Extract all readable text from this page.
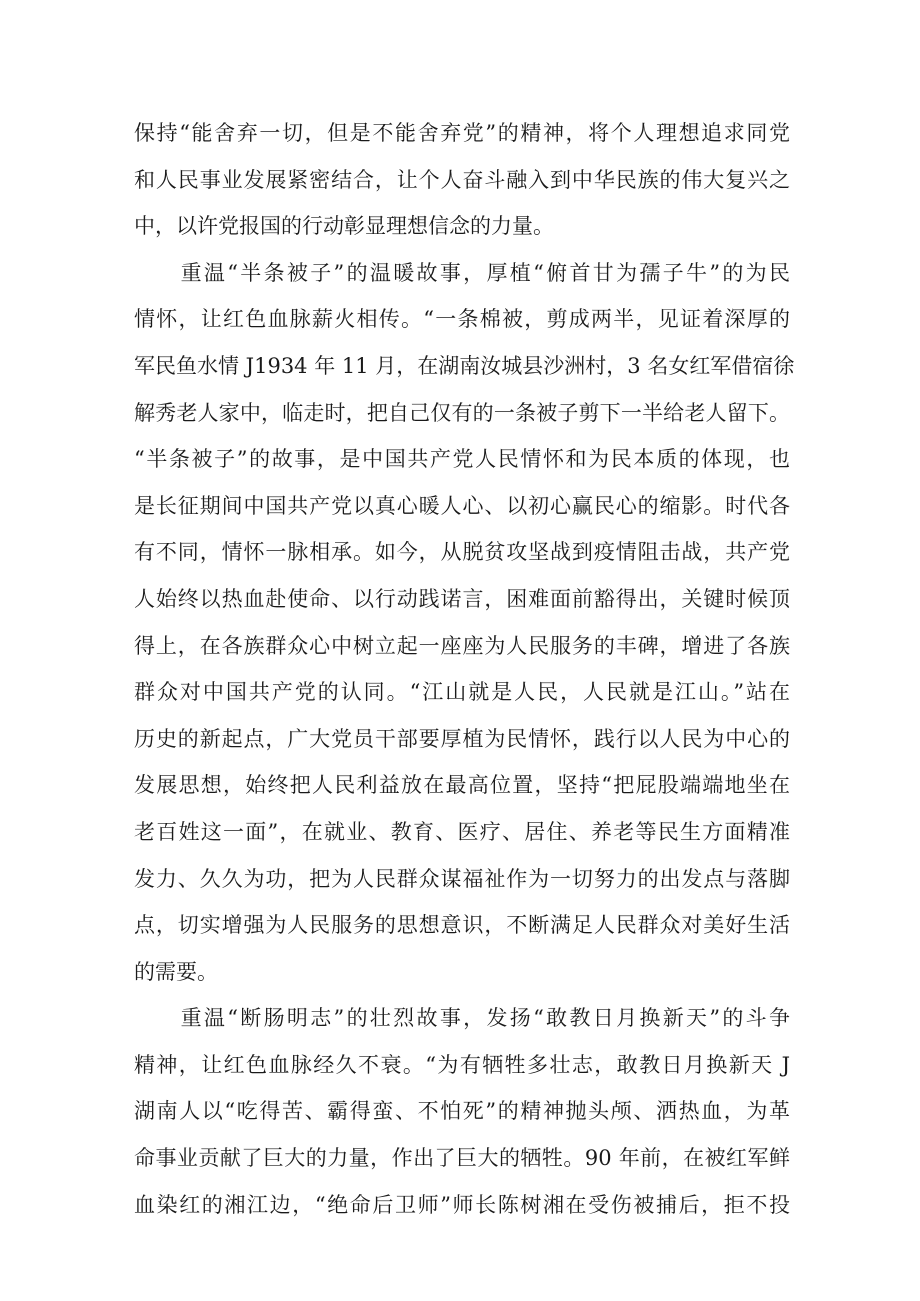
保持“能舍弃一切，但是不能舍弃党”的精神，将个人理想追求同党
和人民事业发展紧密结合，让个人奋斗融入到中华民族的伟大复兴之
中，以许党报国的行动彰显理想信念的力量。
　　重温“半条被子”的温暖故事，厚植“俯首甘为孺子牛”的为民
情怀，让红色血脉薪火相传。“一条棉被，剪成两半，见证着深厚的
军民鱼水情 J1934 年 11 月，在湖南汝城县沙洲村，3 名女红军借宿徐
解秀老人家中，临走时，把自己仅有的一条被子剪下一半给老人留下。
“半条被子”的故事，是中国共产党人民情怀和为民本质的体现，也
是长征期间中国共产党以真心暖人心、以初心赢民心的缩影。时代各
有不同，情怀一脉相承。如今，从脱贫攻坚战到疫情阻击战，共产党
人始终以热血赴使命、以行动践诺言，困难面前豁得出，关键时候顶
得上，在各族群众心中树立起一座座为人民服务的丰碑，增进了各族
群众对中国共产党的认同。“江山就是人民，人民就是江山。”站在
历史的新起点，广大党员干部要厚植为民情怀，践行以人民为中心的
发展思想，始终把人民利益放在最高位置，坚持“把屁股端端地坐在
老百姓这一面”，在就业、教育、医疗、居住、养老等民生方面精准
发力、久久为功，把为人民群众谋福祉作为一切努力的出发点与落脚
点，切实增强为人民服务的思想意识，不断满足人民群众对美好生活
的需要。
　　重温“断肠明志”的壮烈故事，发扬“敢教日月换新天”的斗争
精神，让红色血脉经久不衰。“为有牺牲多壮志，敢教日月换新天 J
湖南人以“吃得苦、霸得蛮、不怕死”的精神抛头颅、洒热血，为革
命事业贡献了巨大的力量，作出了巨大的牺牲。90 年前，在被红军鲜
血染红的湘江边，“绝命后卫师”师长陈树湘在受伤被捕后，拒不投
